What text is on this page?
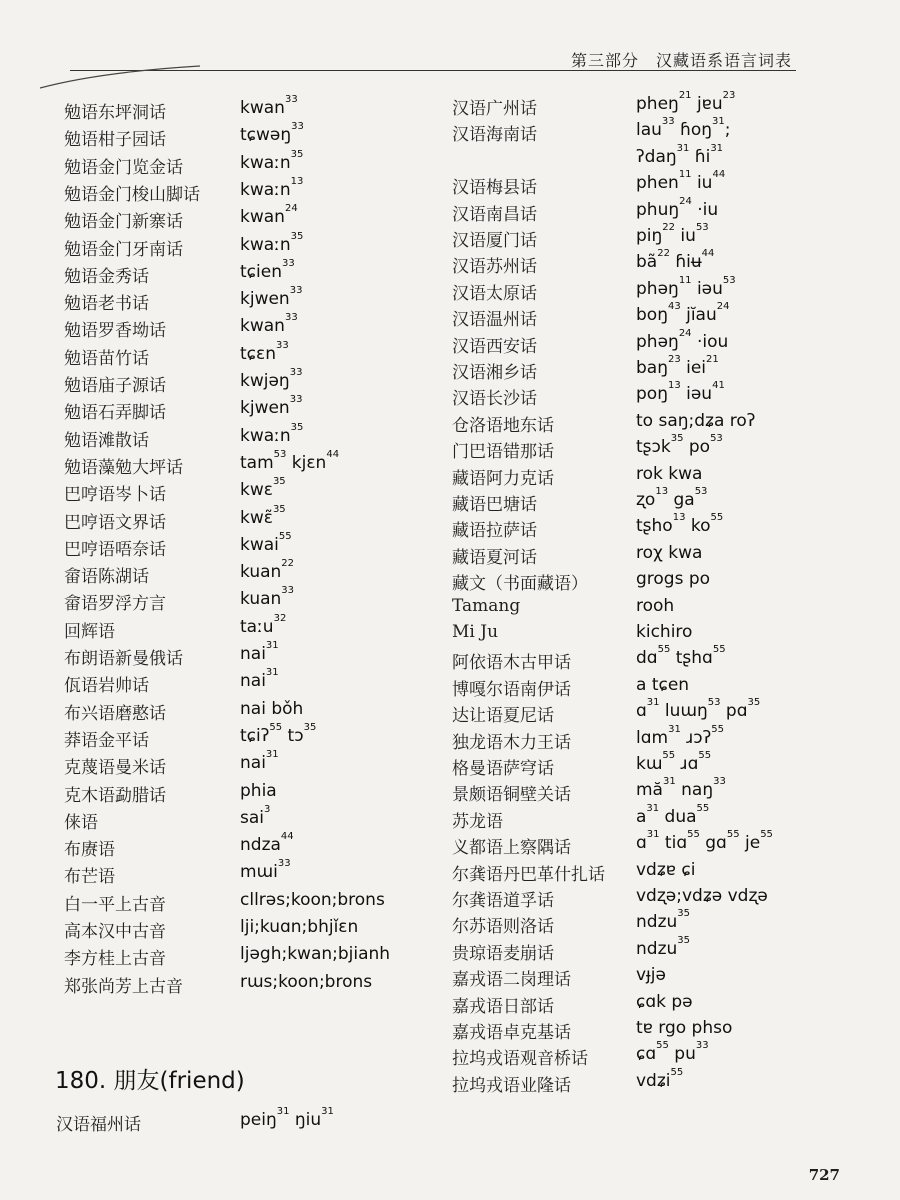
第三部分　汉藏语系语言词表
勉语东坪洞话	kwan$^{33}$
勉语柑子园话	tɕwəŋ$^{33}$
勉语金门览金话	kwaːn$^{35}$
勉语金门梭山脚话 kwaːn$^{13}$
勉语金门新寨话	kwan$^{24}$
勉语金门牙南话	kwaːn$^{35}$
勉语金秀话	tɕien$^{33}$
勉语老书话	kjwen$^{33}$
勉语罗香坳话	kwan$^{33}$
勉语苗竹话	tɕɛn$^{33}$
勉语庙子源话	kwjəŋ$^{33}$
勉语石弄脚话	kjwen$^{33}$
勉语滩散话	kwaːn$^{35}$
勉语藻勉大坪话	tam$^{53}$ kjɛn$^{44}$
巴哼语岑卜话	kwɛ$^{35}$
巴哼语文界话	kwɛ̃$^{35}$
巴哼语唔奈话	kwai$^{55}$
畲语陈湖话	kuan$^{22}$
畲语罗浮方言	kuan$^{33}$
回辉语	taːu$^{32}$
布朗语新曼俄话	nai$^{31}$
佤语岩帅话	nai$^{31}$
布兴语磨憨话	nai bǒh
莽语金平话	tɕiʔ$^{55}$ tɔ$^{35}$
克蔑语曼米话	nai$^{31}$
克木语勐腊话	phia
俫语	sai$^3$
布赓语	ndza$^{44}$
布芒语	mɯi$^{33}$
白一平上古音	cllrəs;koon;brons
高本汉中古音	lji;kuɑn;bhjǐɛn
李方桂上古音	ljəgh;kwan;bjianh
郑张尚芳上古音	rɯs;koon;brons
汉语广州话	pheŋ$^{21}$ jɐu$^{23}$
汉语海南话	lau$^{33}$ ɦoŋ$^{31}$;
ʔdaŋ$^{31}$ ɦi$^{31}$
汉语梅县话	phen$^{11}$ $iu^{44}$
汉语南昌话	phuŋ$^{24}$ ·iu
汉语厦门话	piŋ$^{22}$ $iu^{53}$
汉语苏州话	$bã^{22}$ ɦiʉ$^{44}$
汉语太原话	phəŋ$^{11}$ iəu$^{53}$
汉语温州话	boŋ$^{43}$ jĭau$^{24}$
汉语西安话	phəŋ$^{24}$ ·iou
汉语湘乡话	baŋ$^{23}$ iei$^{21}$
汉语长沙话	poŋ$^{13}$ iəu$^{41}$
仓洛语地东话	to saŋ;dʑa roʔ
门巴语错那话	tʂɔk$^{35}$ $po^{53}$
藏语阿力克话	rok kwa
藏语巴塘话	ʐo$^{13}$ $ga^{53}$
藏语拉萨话	tʂho$^{13}$ $ko^{55}$
藏语夏河话	roχ kwa
藏文（书面藏语）	grogs po
Tamang	rooh
Mi Ju	kichiro
阿依语木古甲话	dɑ$^{55}$ tʂhɑ$^{55}$
博嘎尔语南伊话	a tɕen
达让语夏尼话	ɑ$^{31}$ luɯŋ$^{53}$ pɑ$^{35}$
独龙语木力王话	lɑm$^{31}$ ɹɔʔ$^{55}$
格曼语萨穹话	kɯ$^{55}$ ɹɑ$^{55}$
景颇语铜壁关话	$mă^{31}$ naŋ$^{33}$
苏龙语	$a^{31}$ dua$^{55}$
义都语上察隅话	ɑ$^{31}$ tiɑ$^{55}$ gɑ$^{55}$ $je^{55}$
尔龚语丹巴革什扎话 vdʑɐ ɕi
尔龚语道孚话	vdʐə;vdʑə vdʐə
尔苏语则洛话	ndzu$^{35}$
贵琼语麦崩话	ndzu$^{35}$
嘉戎语二岗理话	vɟjə
嘉戎语日部话	ɕɑk pə
嘉戎语卓克基话	tɐ rgo phso
拉坞戎语观音桥话	ɕɑ$^{55}$ $pu^{33}$
拉坞戎语业隆话	vdʑi$^{55}$
180. 朋友(friend)
汉语福州话	peiŋ$^{31}$ ŋiu$^{31}$
727
